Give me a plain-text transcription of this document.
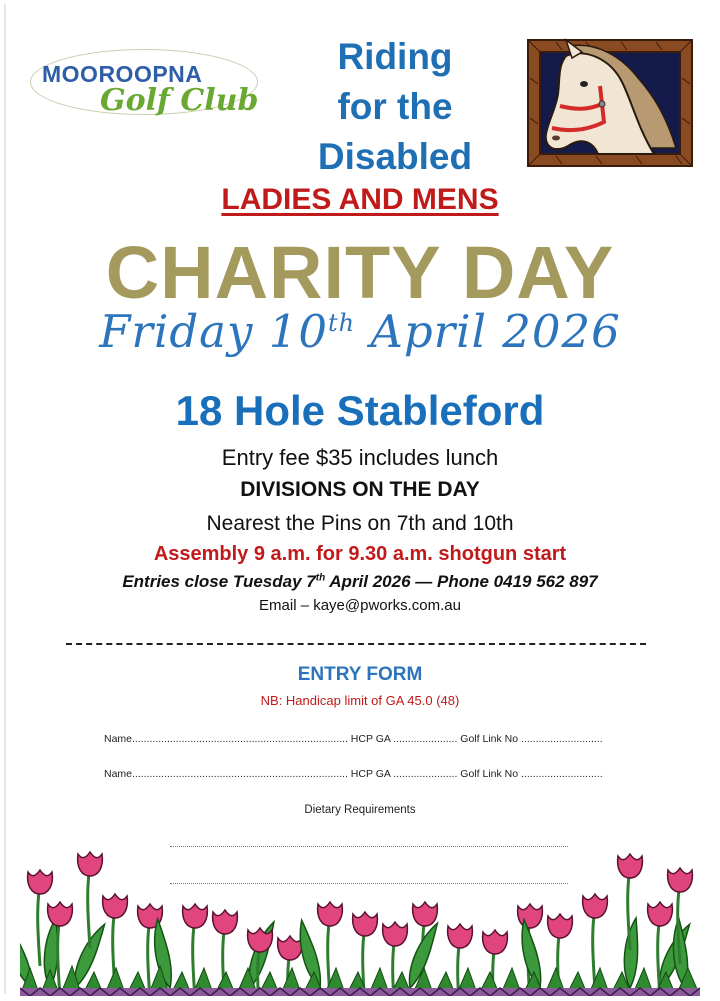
MOOROOPNA
Golf Club
Riding
for the
Disabled
LADIES AND MENS
CHARITY DAY
Friday 10th April 2026
18 Hole Stableford
Entry fee $35 includes lunch
DIVISIONS ON THE DAY
Nearest the Pins on 7th and 10th
Assembly 9 a.m. for 9.30 a.m. shotgun start
Entries close Tuesday 7th April 2026 — Phone 0419 562 897
Email – kaye@pworks.com.au
ENTRY FORM
NB: Handicap limit of GA 45.0 (48)
Name.......................................................................... HCP GA ...................... Golf Link No ............................
Name.......................................................................... HCP GA ...................... Golf Link No ............................
Dietary Requirements
